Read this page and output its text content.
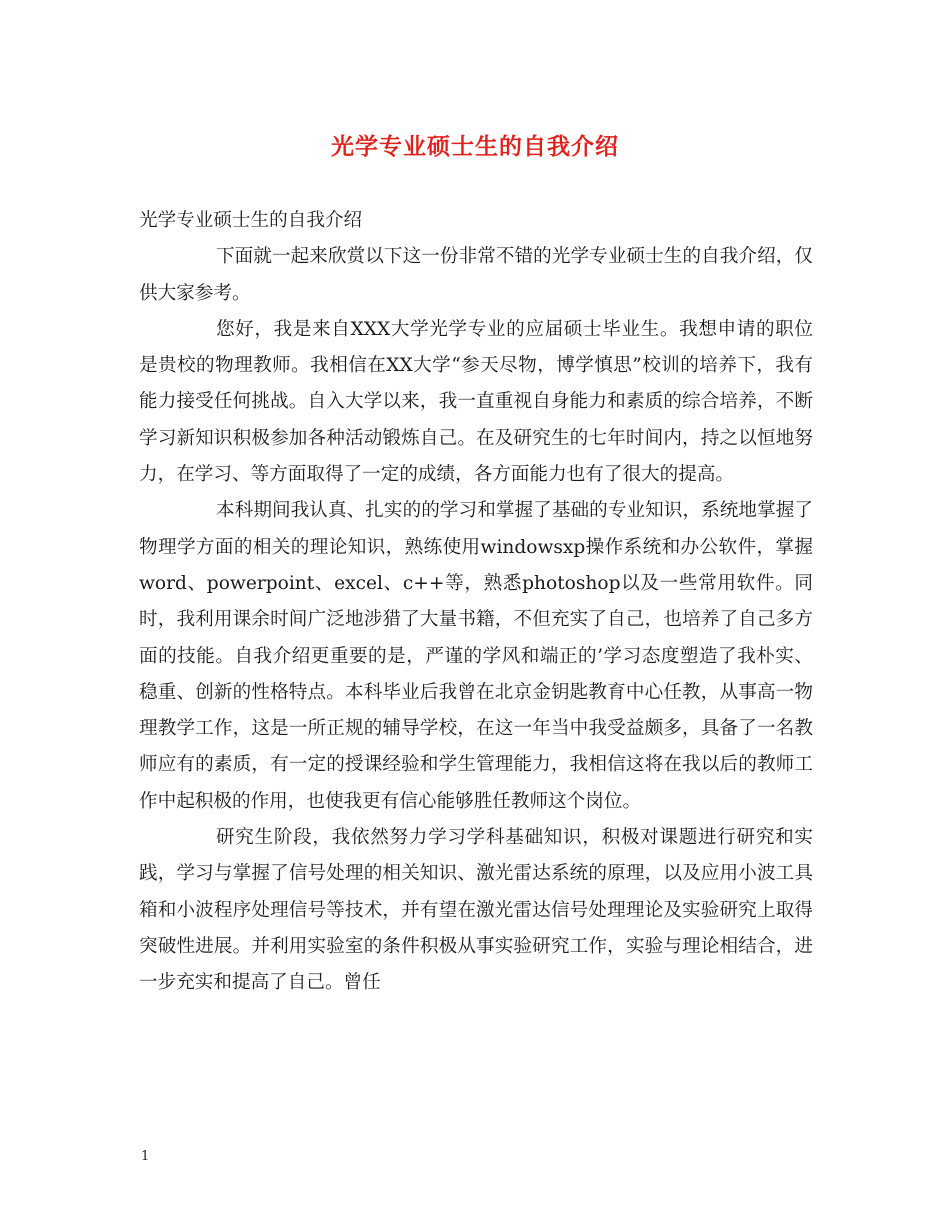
光学专业硕士生的自我介绍

光学专业硕士生的自我介绍

下面就一起来欣赏以下这一份非常不错的光学专业硕士生的自我介绍，仅供大家参考。

您好，我是来自XXX大学光学专业的应届硕士毕业生。我想申请的职位是贵校的物理教师。我相信在XX大学“参天尽物，博学慎思”校训的培养下，我有能力接受任何挑战。自入大学以来，我一直重视自身能力和素质的综合培养，不断学习新知识积极参加各种活动锻炼自己。在及研究生的七年时间内，持之以恒地努力，在学习、等方面取得了一定的成绩，各方面能力也有了很大的提高。

本科期间我认真、扎实的的学习和掌握了基础的专业知识，系统地掌握了物理学方面的相关的理论知识，熟练使用windowsxp操作系统和办公软件，掌握word、powerpoint、excel、c++等，熟悉photoshop以及一些常用软件。同时，我利用课余时间广泛地涉猎了大量书籍，不但充实了自己，也培养了自己多方面的技能。自我介绍更重要的是，严谨的学风和端正的’学习态度塑造了我朴实、稳重、创新的性格特点。本科毕业后我曾在北京金钥匙教育中心任教，从事高一物理教学工作，这是一所正规的辅导学校，在这一年当中我受益颇多，具备了一名教师应有的素质，有一定的授课经验和学生管理能力，我相信这将在我以后的教师工作中起积极的作用，也使我更有信心能够胜任教师这个岗位。

研究生阶段，我依然努力学习学科基础知识，积极对课题进行研究和实践，学习与掌握了信号处理的相关知识、激光雷达系统的原理，以及应用小波工具箱和小波程序处理信号等技术，并有望在激光雷达信号处理理论及实验研究上取得突破性进展。并利用实验室的条件积极从事实验研究工作，实验与理论相结合，进一步充实和提高了自己。曾任

1
